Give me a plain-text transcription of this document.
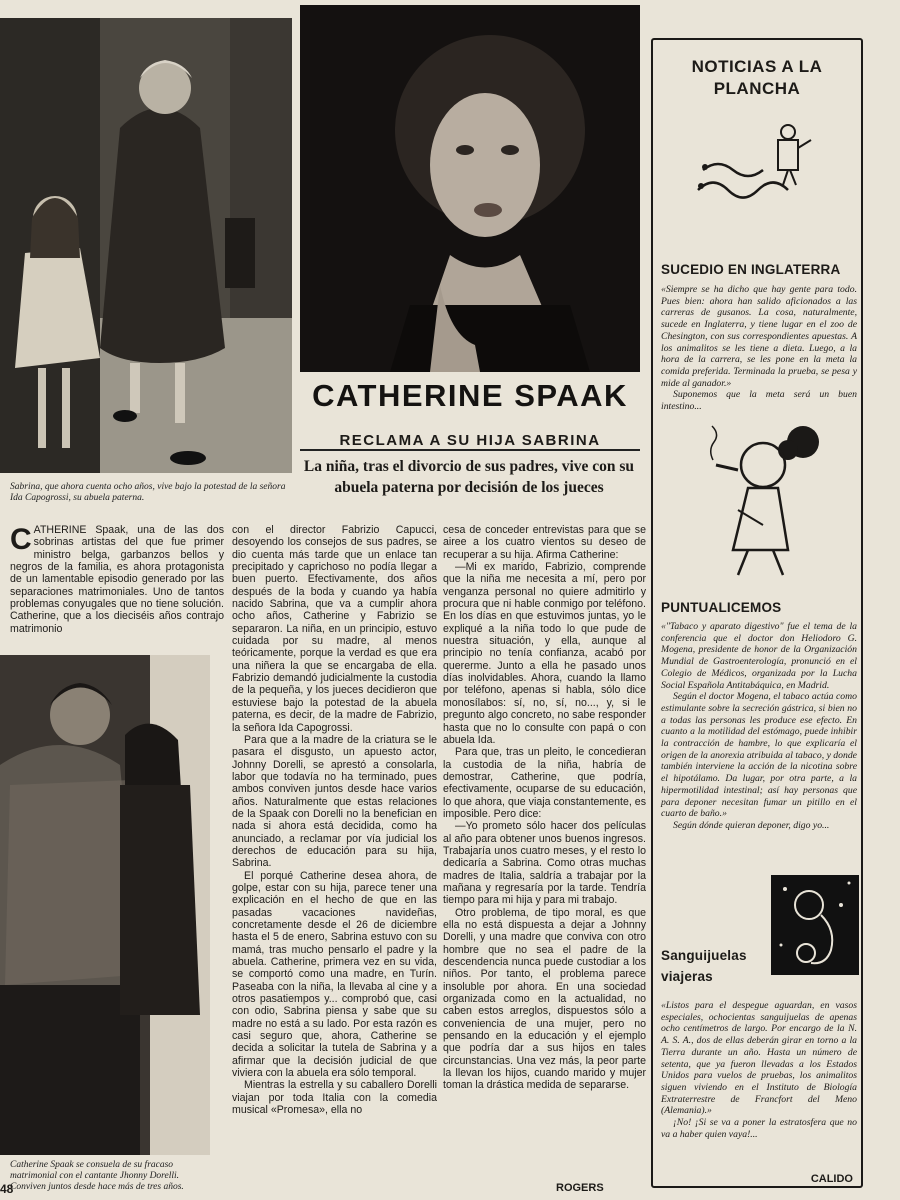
Sabrina, que ahora cuenta ocho años, vive bajo la potestad de la señora Ida Capogrossi, su abuela paterna.
CATHERINE SPAAK
RECLAMA A SU HIJA SABRINA
La niña, tras el divorcio de sus padres, vive con su abuela paterna por decisión de los jueces

CATHERINE Spaak, una de las dos sobrinas artistas del que fue primer ministro belga, garbanzos bellos y negros de la familia, es ahora protagonista de un lamentable episodio generado por las separaciones matrimoniales. Uno de tantos problemas conyugales que no tiene solución. Catherine, que a los dieciséis años contrajo matrimonio

Catherine Spaak se consuela de su fracaso matrimonial con el cantante Jhonny Dorelli. Conviven juntos desde hace más de tres años.

con el director Fabrizio Capucci, desoyendo los consejos de sus padres, se dio cuenta más tarde que un enlace tan precipitado y caprichoso no podía llegar a buen puerto. Efectivamente, dos años después de la boda y cuando ya había nacido Sabrina, que va a cumplir ahora ocho años, Catherine y Fabrizio se separaron. La niña, en un principio, estuvo cuidada por su madre, al menos teóricamente, porque la verdad es que era una niñera la que se encargaba de ella. Fabrizio demandó judicialmente la custodia de la pequeña, y los jueces decidieron que estuviese bajo la potestad de la abuela paterna, es decir, de la madre de Fabrizio, la señora Ida Capogrossi.

Para que a la madre de la criatura se le pasara el disgusto, un apuesto actor, Johnny Dorelli, se aprestó a consolarla, labor que todavía no ha terminado, pues ambos conviven juntos desde hace varios años. Naturalmente que estas relaciones de la Spaak con Dorelli no la benefician en nada si ahora está decidida, como ha anunciado, a reclamar por vía judicial los derechos de educación para su hija, Sabrina.

El porqué Catherine desea ahora, de golpe, estar con su hija, parece tener una explicación en el hecho de que en las pasadas vacaciones navideñas, concretamente desde el 26 de diciembre hasta el 5 de enero, Sabrina estuvo con su mamá, tras mucho pensarlo el padre y la abuela. Catherine, primera vez en su vida, se comportó como una madre, en Turín. Paseaba con la niña, la llevaba al cine y a otros pasatiempos y... comprobó que, casi con odio, Sabrina piensa y sabe que su madre no está a su lado. Por esta razón es casi seguro que, ahora, Catherine se decida a solicitar la tutela de Sabrina y a afirmar que la decisión judicial de que viviera con la abuela era sólo temporal.

Mientras la estrella y su caballero Dorelli viajan por toda Italia con la comedia musical «Promesa», ella no

cesa de conceder entrevistas para que se airee a los cuatro vientos su deseo de recuperar a su hija. Afirma Catherine:

—Mi ex marido, Fabrizio, comprende que la niña me necesita a mí, pero por venganza personal no quiere admitirlo y procura que ni hable conmigo por teléfono. En los días en que estuvimos juntas, yo le expliqué a la niña todo lo que pude de nuestra situación, y ella, aunque al principio no tenía confianza, acabó por quererme. Junto a ella he pasado unos días inolvidables. Ahora, cuando la llamo por teléfono, apenas si habla, sólo dice monosílabos: sí, no, sí, no..., y, si le pregunto algo concreto, no sabe responder hasta que no lo consulte con papá o con abuela Ida.

Para que, tras un pleito, le concedieran la custodia de la niña, habría de demostrar, Catherine, que podría, efectivamente, ocuparse de su educación, lo que ahora, que viaja constantemente, es imposible. Pero dice:

—Yo prometo sólo hacer dos películas al año para obtener unos buenos ingresos. Trabajaría unos cuatro meses, y el resto lo dedicaría a Sabrina. Como otras muchas madres de Italia, saldría a trabajar por la mañana y regresaría por la tarde. Tendría tiempo para mi hija y para mi trabajo.

Otro problema, de tipo moral, es que ella no está dispuesta a dejar a Johnny Dorelli, y una madre que conviva con otro hombre que no sea el padre de la descendencia nunca puede custodiar a los niños. Por tanto, el problema parece insoluble por ahora. En una sociedad organizada como en la actualidad, no caben estos arreglos, dispuestos sólo a conveniencia de una mujer, pero no pensando en la educación y el ejemplo que podría dar a sus hijos en tales circunstancias. Una vez más, la peor parte la llevan los hijos, cuando marido y mujer toman la drástica medida de separarse.

NOTICIAS A LA PLANCHA
SUCEDIO EN INGLATERRA

«Siempre se ha dicho que hay gente para todo. Pues bien: ahora han salido aficionados a las carreras de gusanos. La cosa, naturalmente, sucede en Inglaterra, y tiene lugar en el zoo de Chesington, con sus correspondientes apuestas. A los animalitos se les tiene a dieta. Luego, a la hora de la carrera, se les pone en la meta la comida preferida. Terminada la prueba, se pesa y mide al ganador.»

Suponemos que la meta será un buen intestino...

PUNTUALICEMOS

«"Tabaco y aparato digestivo" fue el tema de la conferencia que el doctor don Heliodoro G. Mogena, presidente de honor de la Organización Mundial de Gastroenterología, pronunció en el Colegio de Médicos, organizada por la Lucha Social Española Antitabáquica, en Madrid.

Según el doctor Mogena, el tabaco actúa como estimulante sobre la secreción gástrica, si bien no a todas las personas les produce ese efecto. En cuanto a la motilidad del estómago, puede inhibir la contracción de hambre, lo que explicaría el origen de la anorexia atribuida al tabaco, y donde también interviene la acción de la nicotina sobre el hipotálamo. Da lugar, por otra parte, a la hipermotilidad intestinal; así hay personas que para deponer necesitan fumar un pitillo en el cuarto de baño.»

Según dónde quieran deponer, digo yo...

Sanguijuelas viajeras

«Listos para el despegue aguardan, en vasos especiales, ochocientas sanguijuelas de apenas ocho centímetros de largo. Por encargo de la N. A. S. A., dos de ellas deberán girar en torno a la Tierra durante un año. Hasta un número de setenta, que ya fueron llevadas a los Estados Unidos para vuelos de pruebas, los animalitos siguen viviendo en el Instituto de Biología Extraterrestre de Francfort del Meno (Alemania).»

¡No! ¡Si se va a poner la estratosfera que no va a haber quien vaya!...

CALIDO
48	ROGERS
